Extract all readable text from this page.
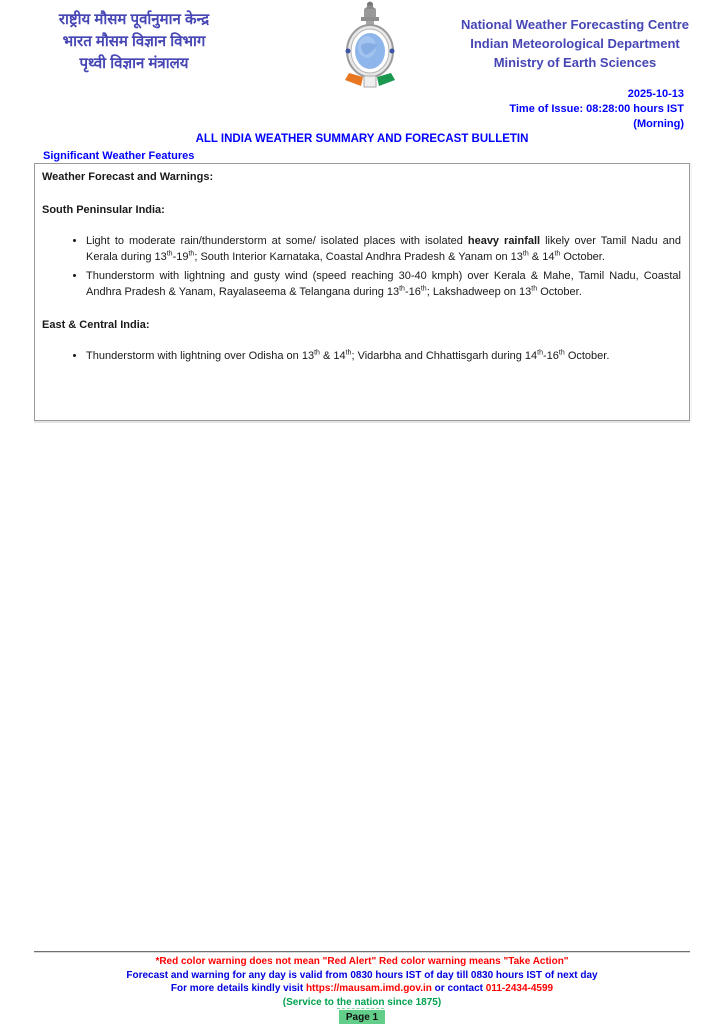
राष्ट्रीय मौसम पूर्वानुमान केन्द्र
भारत मौसम विज्ञान विभाग
पृथ्वी विज्ञान मंत्रालय
National Weather Forecasting Centre
Indian Meteorological Department
Ministry of Earth Sciences
2025-10-13
Time of Issue: 08:28:00 hours IST
(Morning)
ALL INDIA WEATHER SUMMARY AND FORECAST BULLETIN
Significant Weather Features
Weather Forecast and Warnings:
South Peninsular India:
• Light to moderate rain/thunderstorm at some/ isolated places with isolated heavy rainfall likely over Tamil Nadu and Kerala during 13th-19th; South Interior Karnataka, Coastal Andhra Pradesh & Yanam on 13th & 14th October.
• Thunderstorm with lightning and gusty wind (speed reaching 30-40 kmph) over Kerala & Mahe, Tamil Nadu, Coastal Andhra Pradesh & Yanam, Rayalaseema & Telangana during 13th-16th; Lakshadweep on 13th October.
East & Central India:
• Thunderstorm with lightning over Odisha on 13th & 14th; Vidarbha and Chhattisgarh during 14th-16th October.
*Red color warning does not mean "Red Alert" Red color warning means "Take Action"
Forecast and warning for any day is valid from 0830 hours IST of day till 0830 hours IST of next day
For more details kindly visit https://mausam.imd.gov.in or contact 011-2434-4599
(Service to the nation since 1875)
Page 1
